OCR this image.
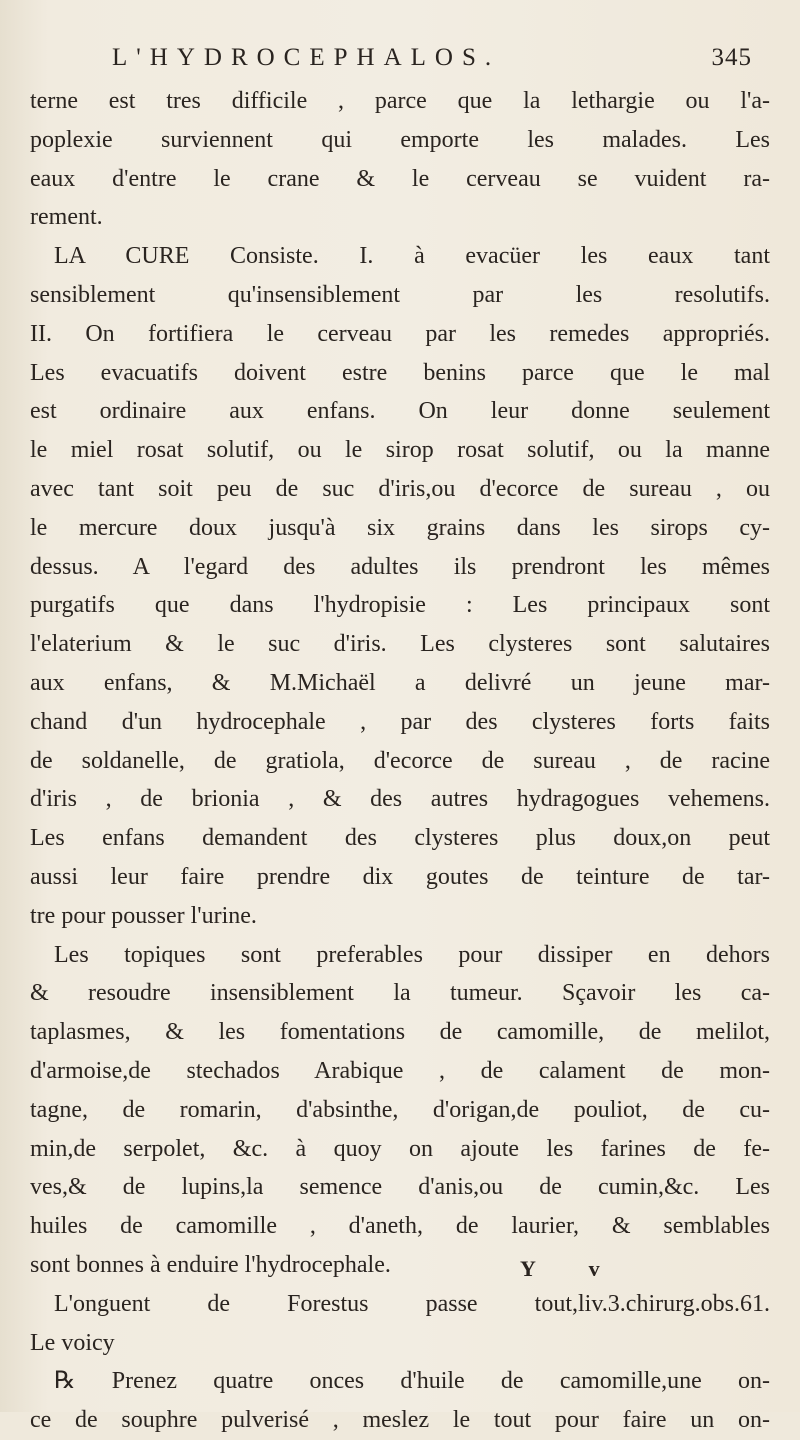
L'HYDROCEPHALOS.	345
terne est tres difficile , parce que la lethargie ou l'a-
poplexie surviennent qui emporte les malades. Les
eaux d'entre le crane & le cerveau se vuident ra-
rement.
LA CURE Consiste. I. à evacüer les eaux tant
sensiblement qu'insensiblement par les resolutifs.
II. On fortifiera le cerveau par les remedes appropriés.
Les evacuatifs doivent estre benins parce que le mal
est ordinaire aux enfans. On leur donne seulement
le miel rosat solutif, ou le sirop rosat solutif, ou la manne
avec tant soit peu de suc d'iris,ou d'ecorce de sureau , ou
le mercure doux jusqu'à six grains dans les sirops cy-
dessus. A l'egard des adultes ils prendront les mêmes
purgatifs que dans l'hydropisie : Les principaux sont
l'elaterium & le suc d'iris. Les clysteres sont salutaires
aux enfans, & M.Michaël a delivré un jeune mar-
chand d'un hydrocephale , par des clysteres forts faits
de soldanelle, de gratiola, d'ecorce de sureau , de racine
d'iris , de brionia , & des autres hydragogues vehemens.
Les enfans demandent des clysteres plus doux,on peut
aussi leur faire prendre dix goutes de teinture de tar-
tre pour pousser l'urine.
Les topiques sont preferables pour dissiper en dehors
& resoudre insensiblement la tumeur. Sçavoir les ca-
taplasmes, & les fomentations de camomille, de melilot,
d'armoise,de stechados Arabique , de calament de mon-
tagne, de romarin, d'absinthe, d'origan,de pouliot, de cu-
min,de serpolet, &c. à quoy on ajoute les farines de fe-
ves,& de lupins,la semence d'anis,ou de cumin,&c. Les
huiles de camomille , d'aneth, de laurier, & semblables
sont bonnes à enduire l'hydrocephale.
L'onguent de Forestus passe tout,liv.3.chirurg.obs.61.
Le voicy
℞ Prenez quatre onces d'huile de camomille,une on-
ce de souphre pulverisé , meslez le tout pour faire un on-
Y v
